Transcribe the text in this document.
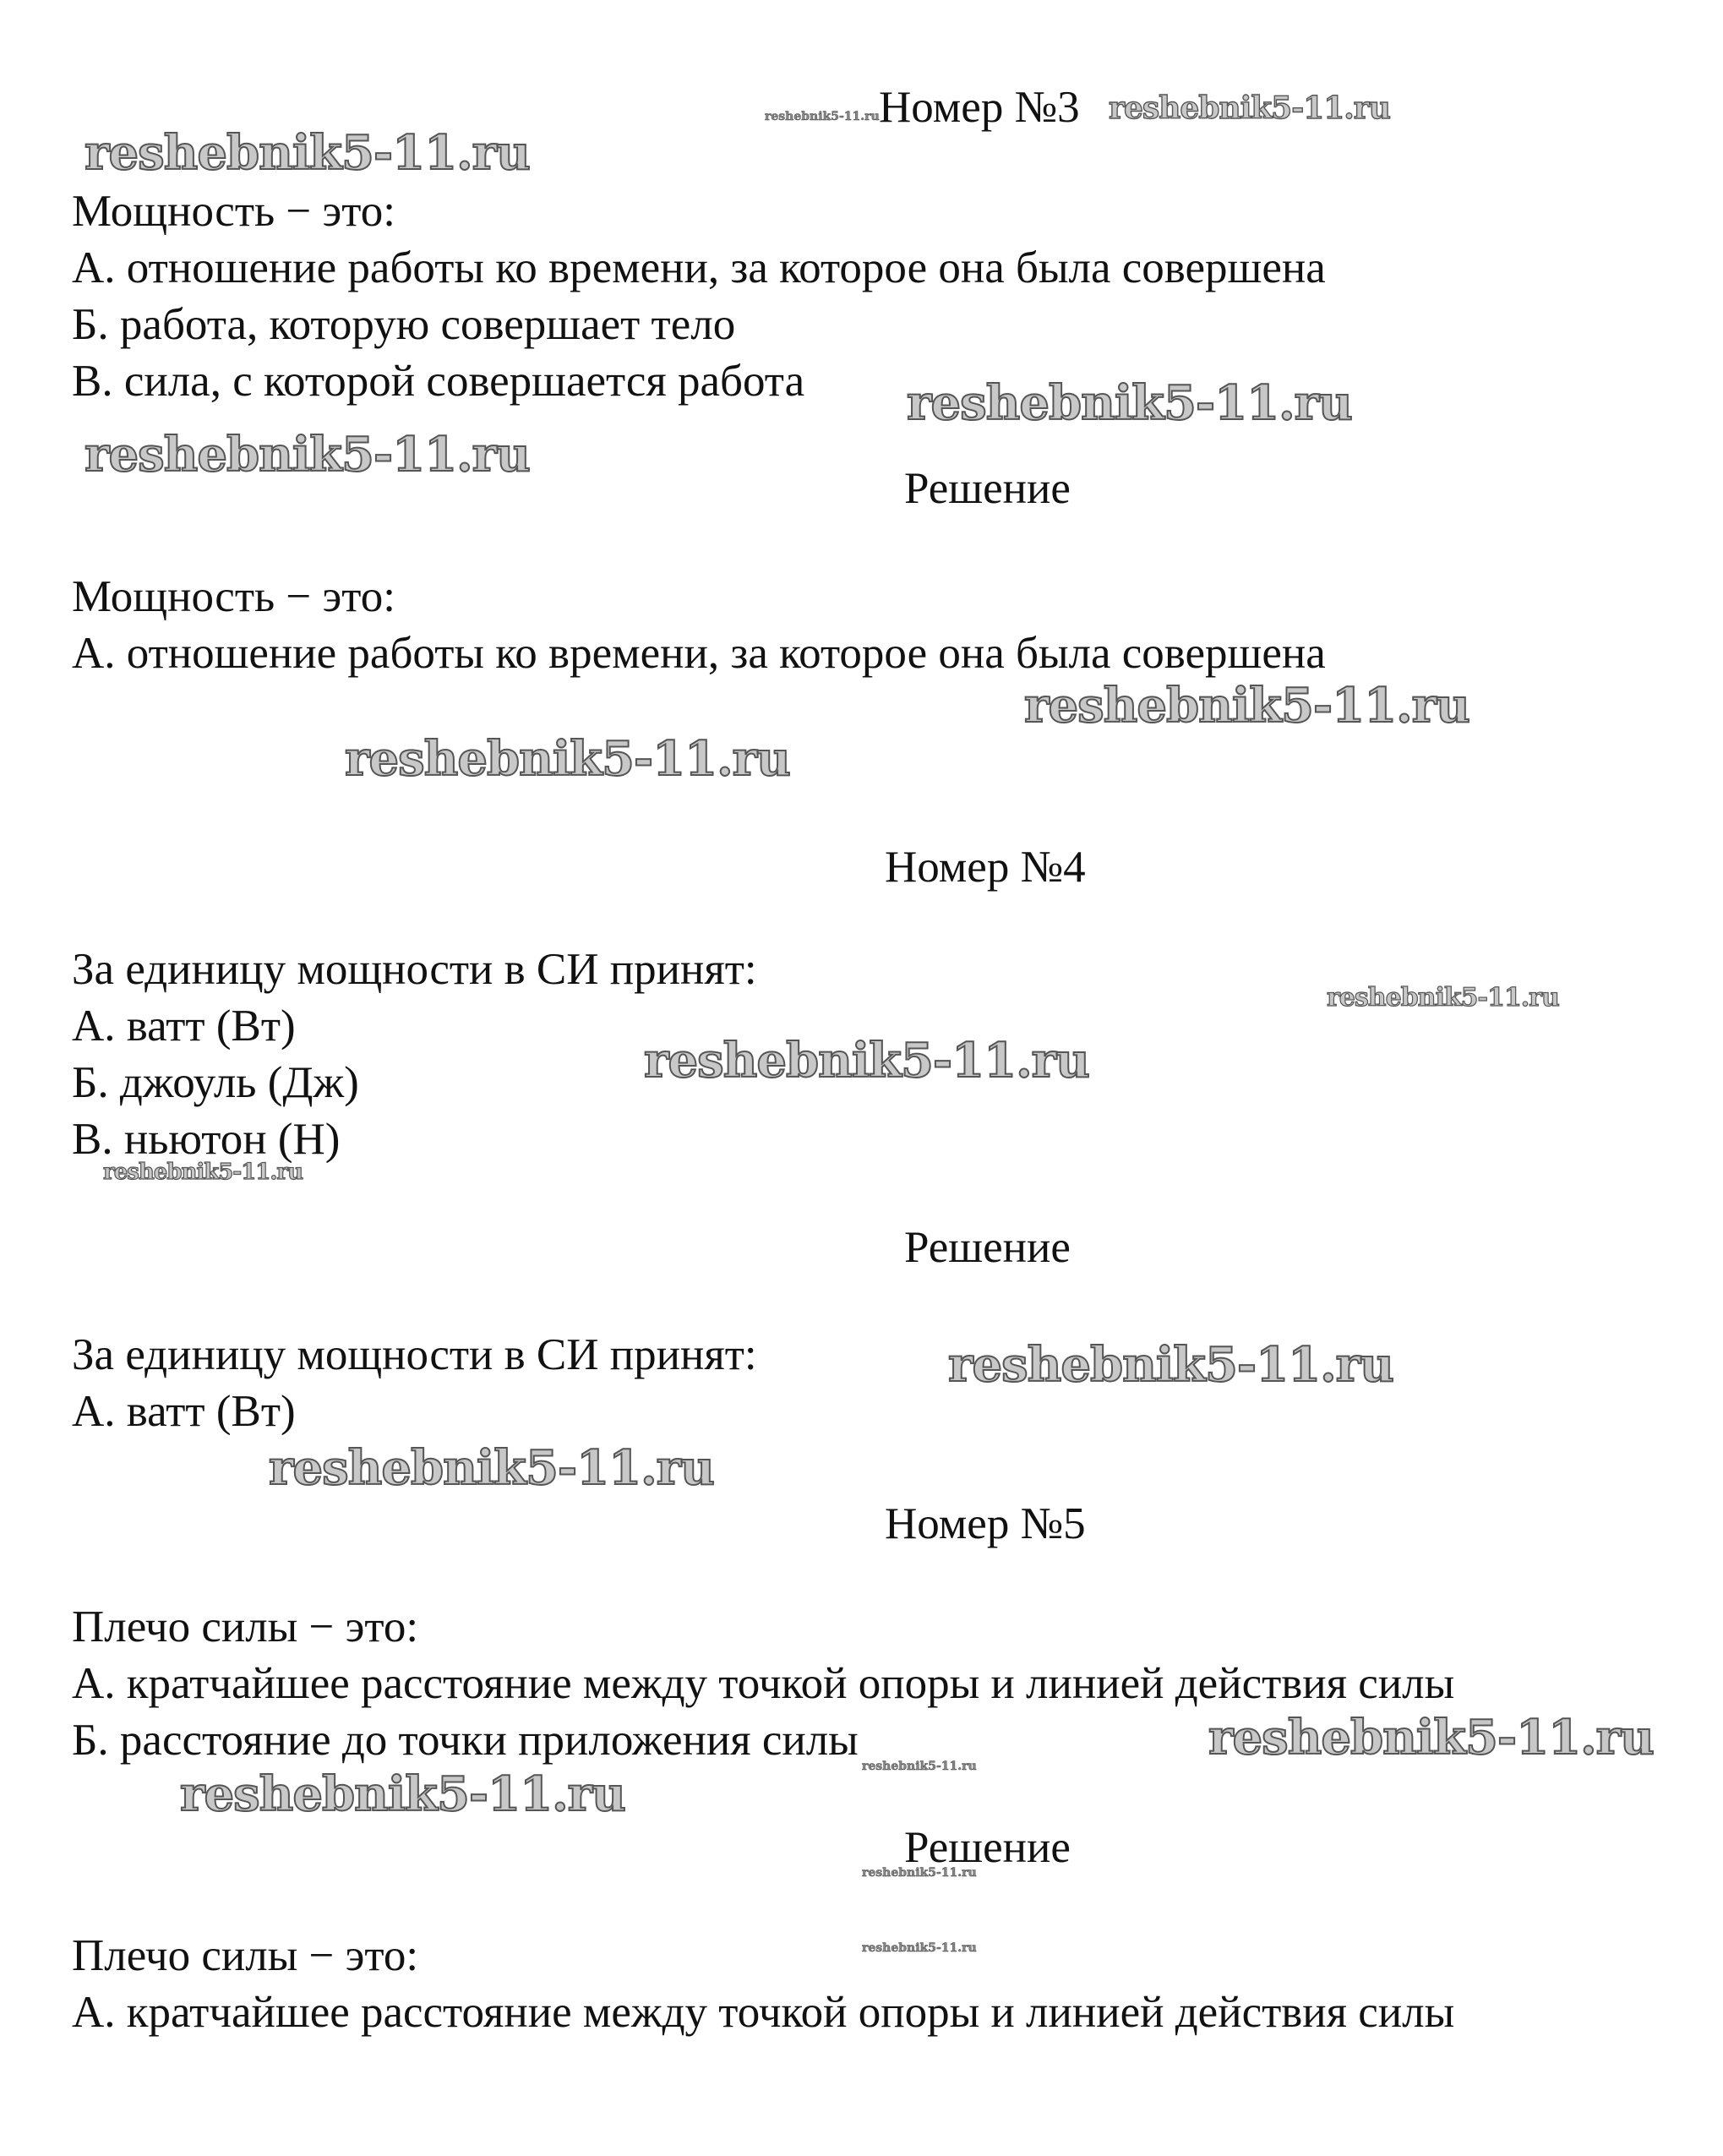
Номер №3
Мощность − это:
А. отношение работы ко времени, за которое она была совершена
Б. работа, которую совершает тело
В. сила, с которой совершается работа
Решение
Мощность − это:
А. отношение работы ко времени, за которое она была совершена
Номер №4
За единицу мощности в СИ принят:
А. ватт (Вт)
Б. джоуль (Дж)
В. ньютон (Н)
Решение
За единицу мощности в СИ принят:
А. ватт (Вт)
Номер №5
Плечо силы − это:
А. кратчайшее расстояние между точкой опоры и линией действия силы
Б. расстояние до точки приложения силы
Решение
Плечо силы − это:
А. кратчайшее расстояние между точкой опоры и линией действия силы
reshebnik5-11.ru	reshebnik5-11.ru
reshebnik5-11.ru
reshebnik5-11.ru
reshebnik5-11.ru
reshebnik5-11.ru
reshebnik5-11.ru
reshebnik5-11.ru
reshebnik5-11.ru
reshebnik5-11.ru
reshebnik5-11.ru
reshebnik5-11.ru
reshebnik5-11.ru
reshebnik5-11.ru
reshebnik5-11.ru
reshebnik5-11.ru
reshebnik5-11.ru
